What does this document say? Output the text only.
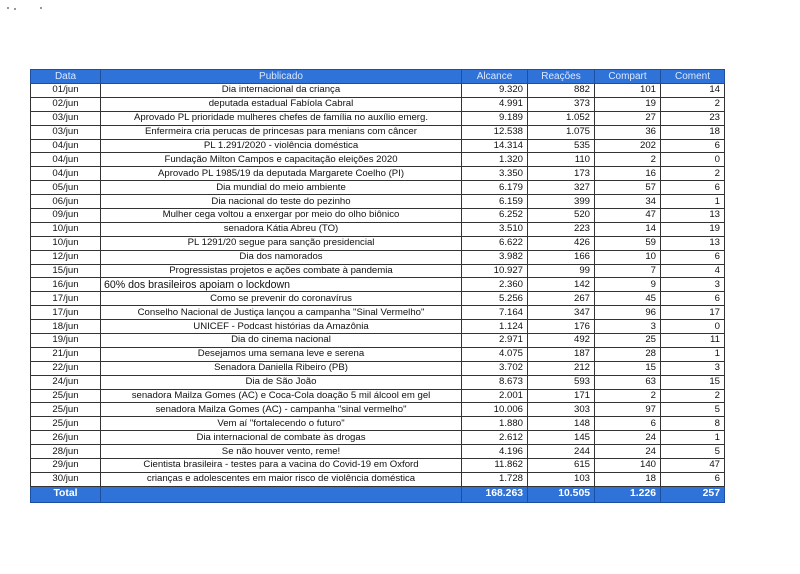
Data	Publicado	Alcance	Reações	Compart	Coment
01/jun	Dia internacional da criança	9.320	882	101	14
02/jun	deputada estadual Fabíola Cabral	4.991	373	19	2
03/jun	Aprovado PL prioridade mulheres chefes de família no auxílio emerg.	9.189	1.052	27	23
03/jun	Enfermeira cria perucas de princesas para menians com câncer	12.538	1.075	36	18
04/jun	PL 1.291/2020 - violência doméstica	14.314	535	202	6
04/jun	Fundação Milton Campos e capacitação eleições 2020	1.320	110	2	0
04/jun	Aprovado PL 1985/19 da deputada Margarete Coelho (PI)	3.350	173	16	2
05/jun	Dia mundial do meio ambiente	6.179	327	57	6
06/jun	Dia nacional do teste do pezinho	6.159	399	34	1
09/jun	Mulher cega voltou a enxergar por meio do olho biônico	6.252	520	47	13
10/jun	senadora Kátia Abreu (TO)	3.510	223	14	19
10/jun	PL 1291/20 segue para sanção presidencial	6.622	426	59	13
12/jun	Dia dos namorados	3.982	166	10	6
15/jun	Progressistas projetos e ações combate à pandemia	10.927	99	7	4
16/jun	60% dos brasileiros apoiam o lockdown	2.360	142	9	3
17/jun	Como se prevenir do coronavírus	5.256	267	45	6
17/jun	Conselho Nacional de Justiça lançou a campanha "Sinal Vermelho"	7.164	347	96	17
18/jun	UNICEF - Podcast histórias da Amazônia	1.124	176	3	0
19/jun	Dia do cinema nacional	2.971	492	25	11
21/jun	Desejamos uma semana leve e serena	4.075	187	28	1
22/jun	Senadora Daniella Ribeiro (PB)	3.702	212	15	3
24/jun	Dia de São João	8.673	593	63	15
25/jun	senadora Mailza Gomes (AC) e Coca-Cola doação 5 mil álcool em gel	2.001	171	2	2
25/jun	senadora Mailza Gomes (AC) - campanha "sinal vermelho"	10.006	303	97	5
25/jun	Vem aí "fortalecendo o futuro"	1.880	148	6	8
26/jun	Dia internacional de combate às drogas	2.612	145	24	1
28/jun	Se não houver vento, reme!	4.196	244	24	5
29/jun	Cientista brasileira - testes para a vacina do Covid-19 em Oxford	11.862	615	140	47
30/jun	crianças e adolescentes em maior risco de violência doméstica	1.728	103	18	6
Total		168.263	10.505	1.226	257
